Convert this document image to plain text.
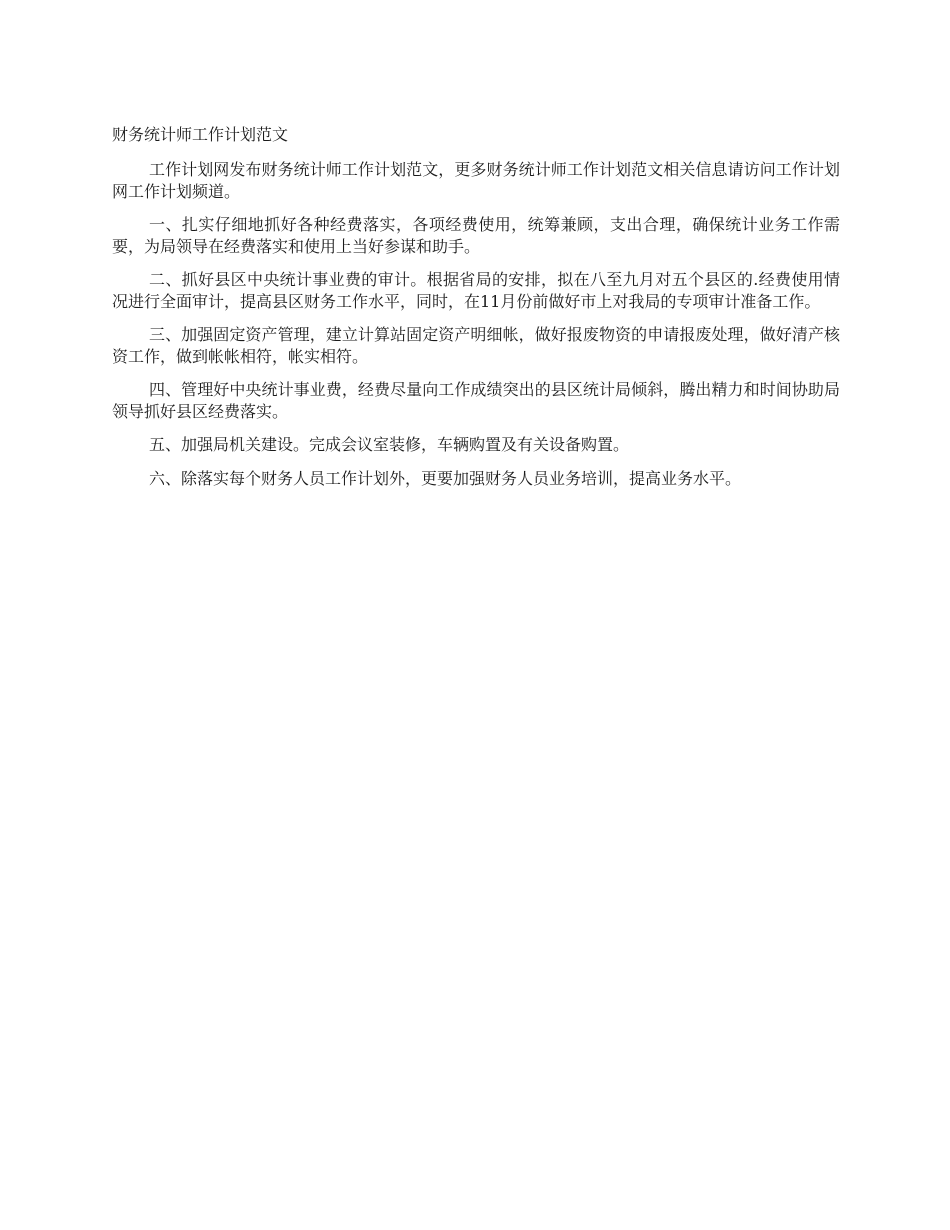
财务统计师工作计划范文

工作计划网发布财务统计师工作计划范文，更多财务统计师工作计划范文相关信息请访问工作计划网工作计划频道。

一、扎实仔细地抓好各种经费落实，各项经费使用，统筹兼顾，支出合理，确保统计业务工作需要，为局领导在经费落实和使用上当好参谋和助手。

二、抓好县区中央统计事业费的审计。根据省局的安排，拟在八至九月对五个县区的.经费使用情况进行全面审计，提高县区财务工作水平，同时，在11月份前做好市上对我局的专项审计准备工作。

三、加强固定资产管理，建立计算站固定资产明细帐，做好报废物资的申请报废处理，做好清产核资工作，做到帐帐相符，帐实相符。

四、管理好中央统计事业费，经费尽量向工作成绩突出的县区统计局倾斜，腾出精力和时间协助局领导抓好县区经费落实。

五、加强局机关建设。完成会议室装修，车辆购置及有关设备购置。

六、除落实每个财务人员工作计划外，更要加强财务人员业务培训，提高业务水平。
